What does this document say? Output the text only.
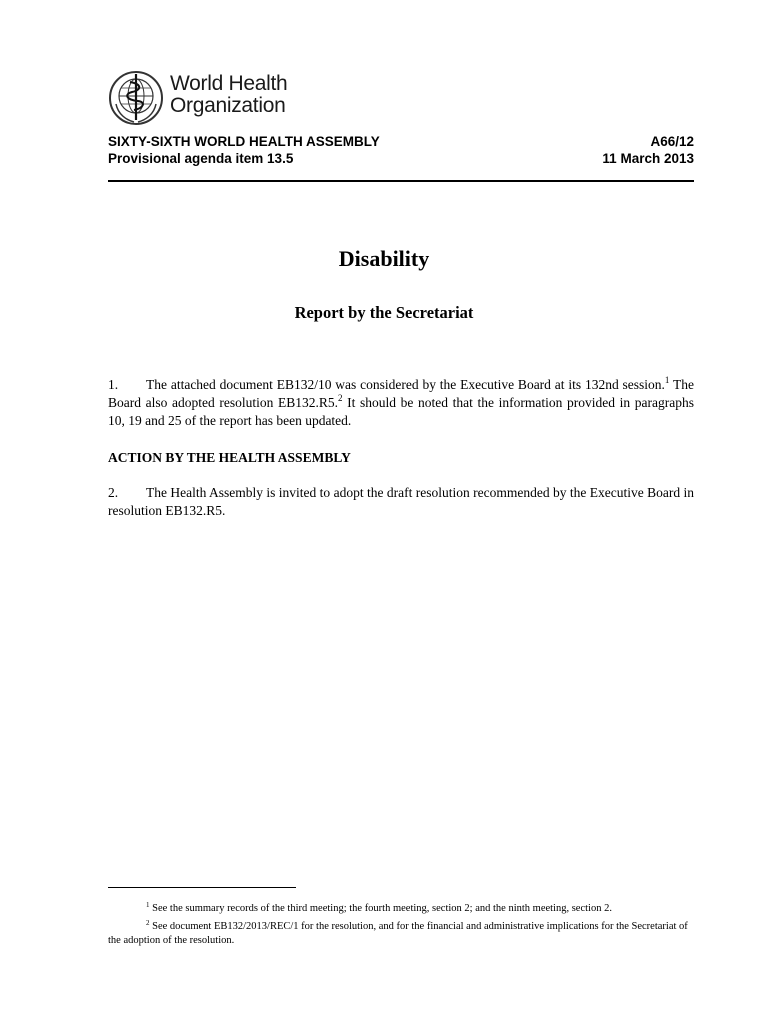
World Health
Organization
SIXTY-SIXTH WORLD HEALTH ASSEMBLY	A66/12
Provisional agenda item 13.5	11 March 2013
Disability
Report by the Secretariat
1. The attached document EB132/10 was considered by the Executive Board at its 132nd session.$^1$ The Board also adopted resolution EB132.R5.$^2$ It should be noted that the information provided in paragraphs 10, 19 and 25 of the report has been updated.
ACTION BY THE HEALTH ASSEMBLY
2. The Health Assembly is invited to adopt the draft resolution recommended by the Executive Board in resolution EB132.R5.
$^1$ See the summary records of the third meeting; the fourth meeting, section 2; and the ninth meeting, section 2.
$^2$ See document EB132/2013/REC/1 for the resolution, and for the financial and administrative implications for the Secretariat of the adoption of the resolution.
